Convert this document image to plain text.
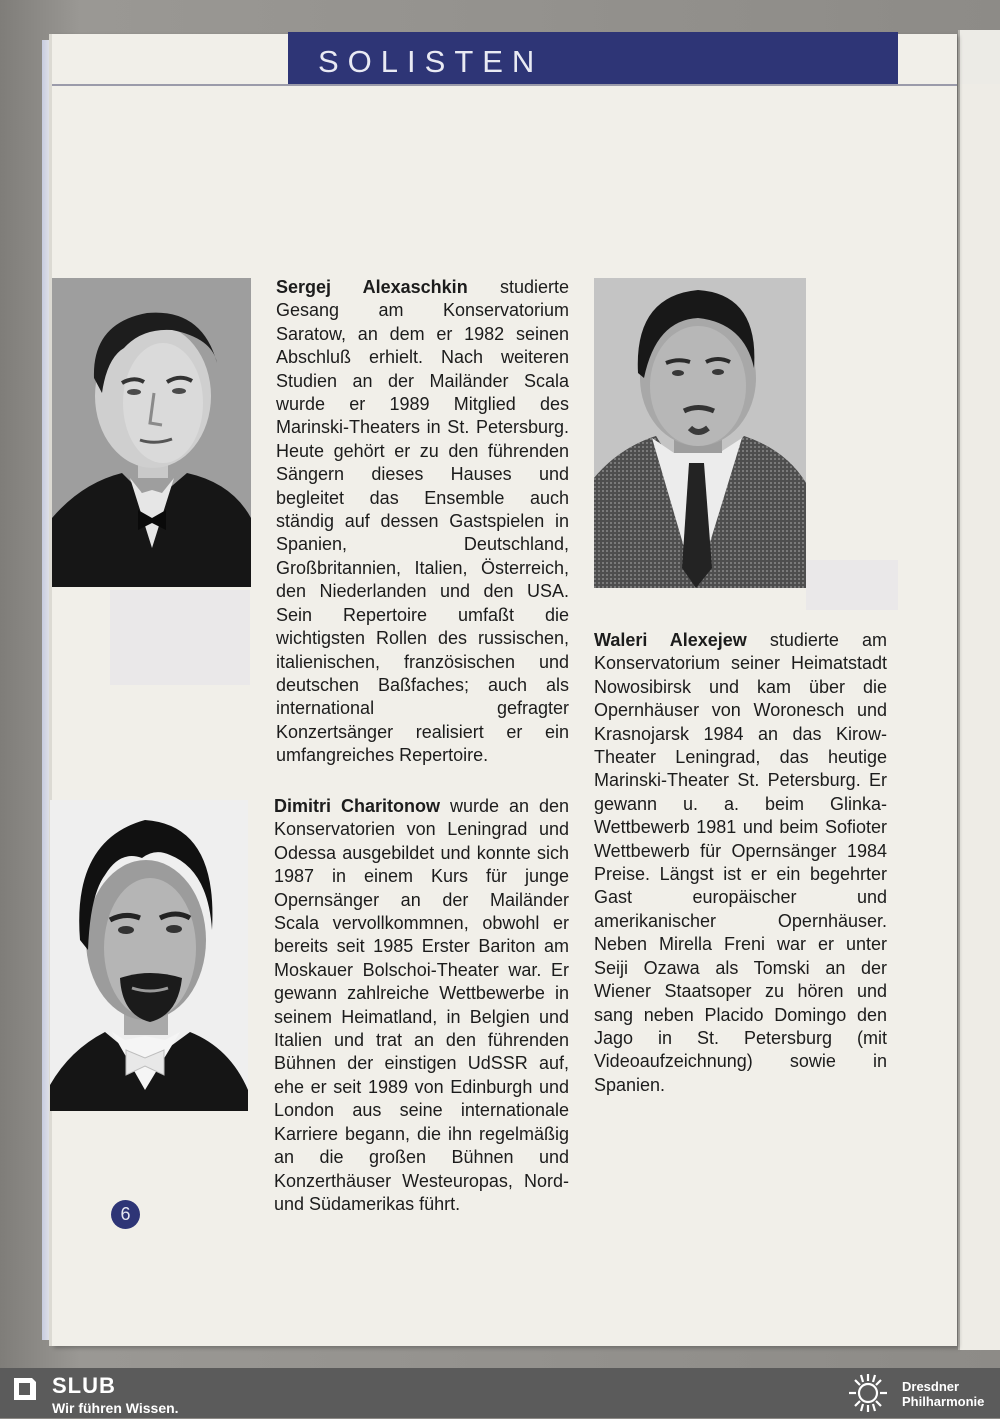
SOLISTEN
Sergej Alexaschkin studierte Gesang am Konservatorium Saratow, an dem er 1982 seinen Abschluß erhielt. Nach weiteren Studien an der Mailänder Scala wurde er 1989 Mitglied des Marinski-Theaters in St. Petersburg. Heute gehört er zu den führenden Sängern dieses Hauses und begleitet das Ensemble auch ständig auf dessen Gastspielen in Spanien, Deutschland, Großbritannien, Italien, Österreich, den Niederlanden und den USA. Sein Repertoire umfaßt die wichtigsten Rollen des russischen, italienischen, französischen und deutschen Baßfaches; auch als international gefragter Konzertsänger realisiert er ein umfangreiches Repertoire.
Dimitri Charitonow wurde an den Konservatorien von Leningrad und Odessa ausgebildet und konnte sich 1987 in einem Kurs für junge Opernsänger an der Mailänder Scala vervollkommnen, obwohl er bereits seit 1985 Erster Bariton am Moskauer Bolschoi-Theater war. Er gewann zahlreiche Wettbewerbe in seinem Heimatland, in Belgien und Italien und trat an den führenden Bühnen der einstigen UdSSR auf, ehe er seit 1989 von Edinburgh und London aus seine internationale Karriere begann, die ihn regelmäßig an die großen Bühnen und Konzerthäuser Westeuropas, Nord- und Südamerikas führt.
Waleri Alexejew studierte am Konservatorium seiner Heimatstadt Nowosibirsk und kam über die Opernhäuser von Woronesch und Krasnojarsk 1984 an das Kirow-Theater Leningrad, das heutige Marinski-Theater St. Petersburg. Er gewann u. a. beim Glinka-Wettbewerb 1981 und beim Sofioter Wettbewerb für Opernsänger 1984 Preise. Längst ist er ein begehrter Gast europäischer und amerikanischer Opernhäuser. Neben Mirella Freni war er unter Seiji Ozawa als Tomski an der Wiener Staatsoper zu hören und sang neben Placido Domingo den Jago in St. Petersburg (mit Videoaufzeichnung) sowie in Spanien.
6
SLUB
Wir führen Wissen.
Dresdner
Philharmonie
